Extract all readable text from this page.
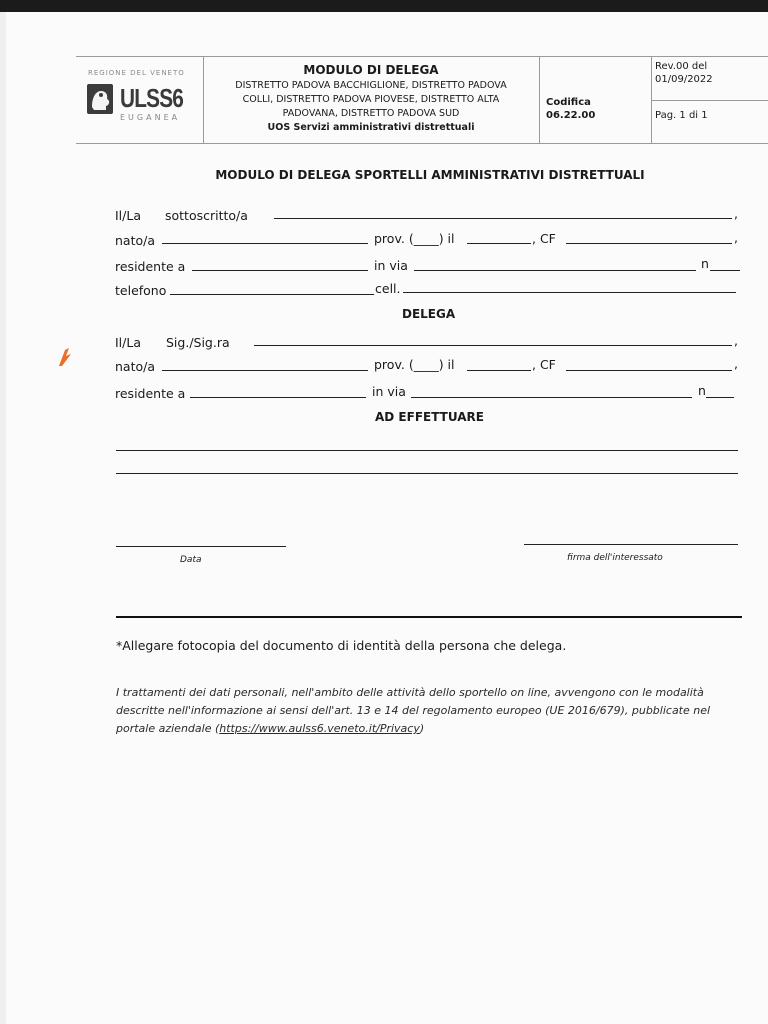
REGIONE DEL VENETO
ULSS6
EUGANEA
MODULO DI DELEGA
DISTRETTO PADOVA BACCHIGLIONE, DISTRETTO PADOVA
COLLI, DISTRETTO PADOVA PIOVESE, DISTRETTO ALTA
PADOVANA, DISTRETTO PADOVA SUD
UOS Servizi amministrativi distrettuali
Codifica
06.22.00
Rev.00 del
01/09/2022
Pag. 1 di 1
MODULO DI DELEGA SPORTELLI AMMINISTRATIVI DISTRETTUALI
Il/La sottoscritto/a	,
nato/a	prov. (____) il	, CF	,
residente a	in via	n
telefono	cell.
DELEGA
Il/La Sig./Sig.ra	,
nato/a	prov. (____) il	, CF	,
residente a	in via	n
AD EFFETTUARE
Data	firma dell'interessato
*Allegare fotocopia del documento di identità della persona che delega.
I trattamenti dei dati personali, nell'ambito delle attività dello sportello on line, avvengono con le modalità descritte nell'informazione ai sensi dell'art. 13 e 14 del regolamento europeo (UE 2016/679), pubblicate nel portale aziendale (https://www.aulss6.veneto.it/Privacy)
